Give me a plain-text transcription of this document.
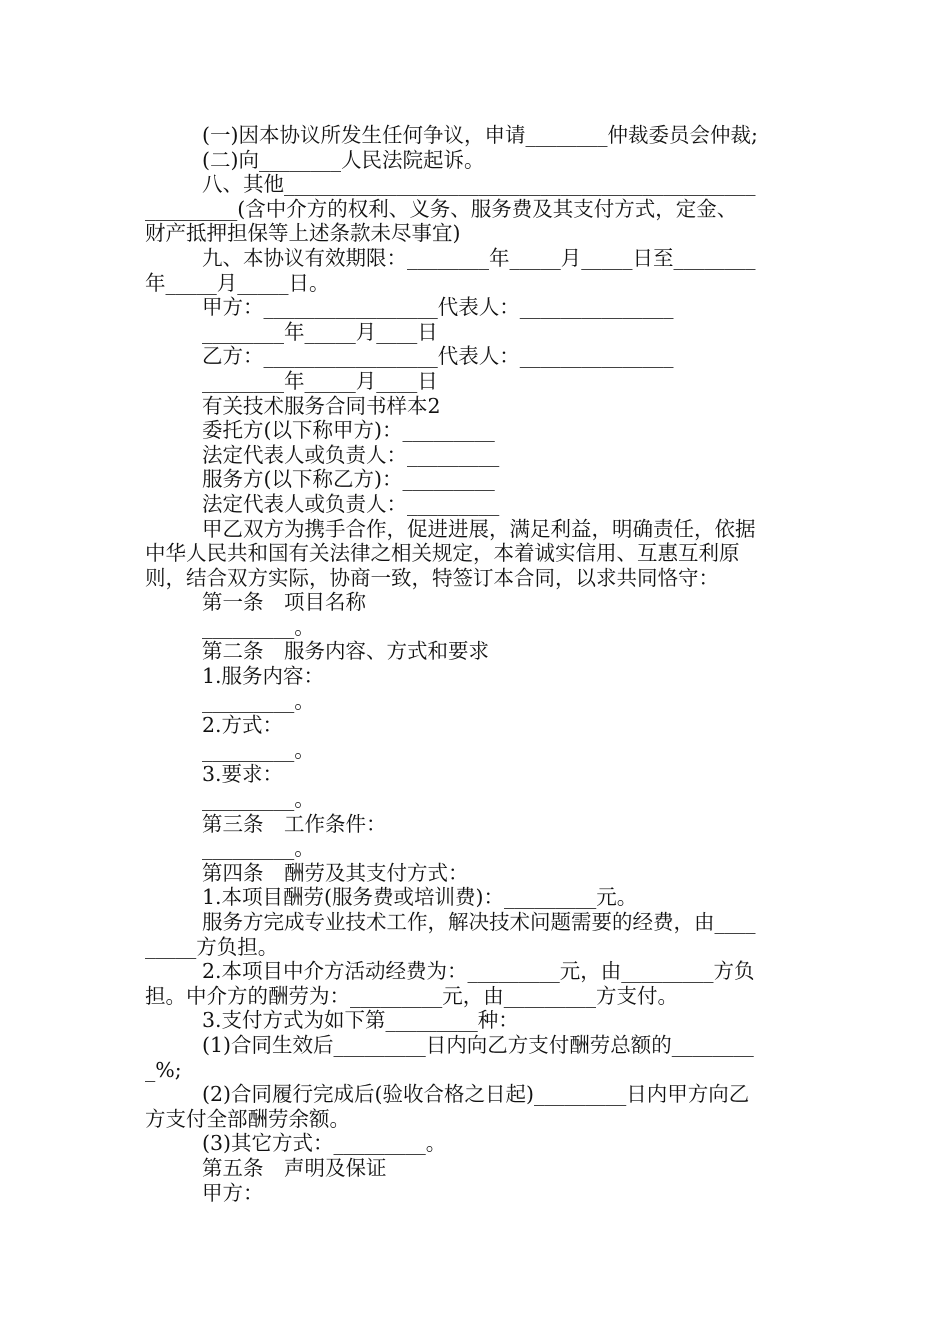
(一)因本协议所发生任何争议，申请________仲裁委员会仲裁;
(二)向________人民法院起诉。
八、其他______________________________________________
_________(含中介方的权利、义务、服务费及其支付方式，定金、
财产抵押担保等上述条款未尽事宜)
九、本协议有效期限：________年_____月_____日至________
年_____月_____日。
甲方：_________________代表人：_______________
________年_____月____日
乙方：_________________代表人：_______________
________年_____月____日
有关技术服务合同书样本2
委托方(以下称甲方)：_________
法定代表人或负责人：_________
服务方(以下称乙方)：_________
法定代表人或负责人：_________
甲乙双方为携手合作，促进进展，满足利益，明确责任，依据
中华人民共和国有关法律之相关规定，本着诚实信用、互惠互利原
则，结合双方实际，协商一致，特签订本合同，以求共同恪守：
第一条　项目名称
_________。
第二条　服务内容、方式和要求
1.服务内容：
_________。
2.方式：
_________。
3.要求：
_________。
第三条　工作条件：
_________。
第四条　酬劳及其支付方式：
1.本项目酬劳(服务费或培训费)：_________元。
服务方完成专业技术工作，解决技术问题需要的经费，由____
_____方负担。
2.本项目中介方活动经费为：_________元，由_________方负
担。中介方的酬劳为：_________元，由_________方支付。
3.支付方式为如下第_________种：
(1)合同生效后_________日内向乙方支付酬劳总额的________
_%;
(2)合同履行完成后(验收合格之日起)_________日内甲方向乙
方支付全部酬劳余额。
(3)其它方式：_________。
第五条　声明及保证
甲方：
